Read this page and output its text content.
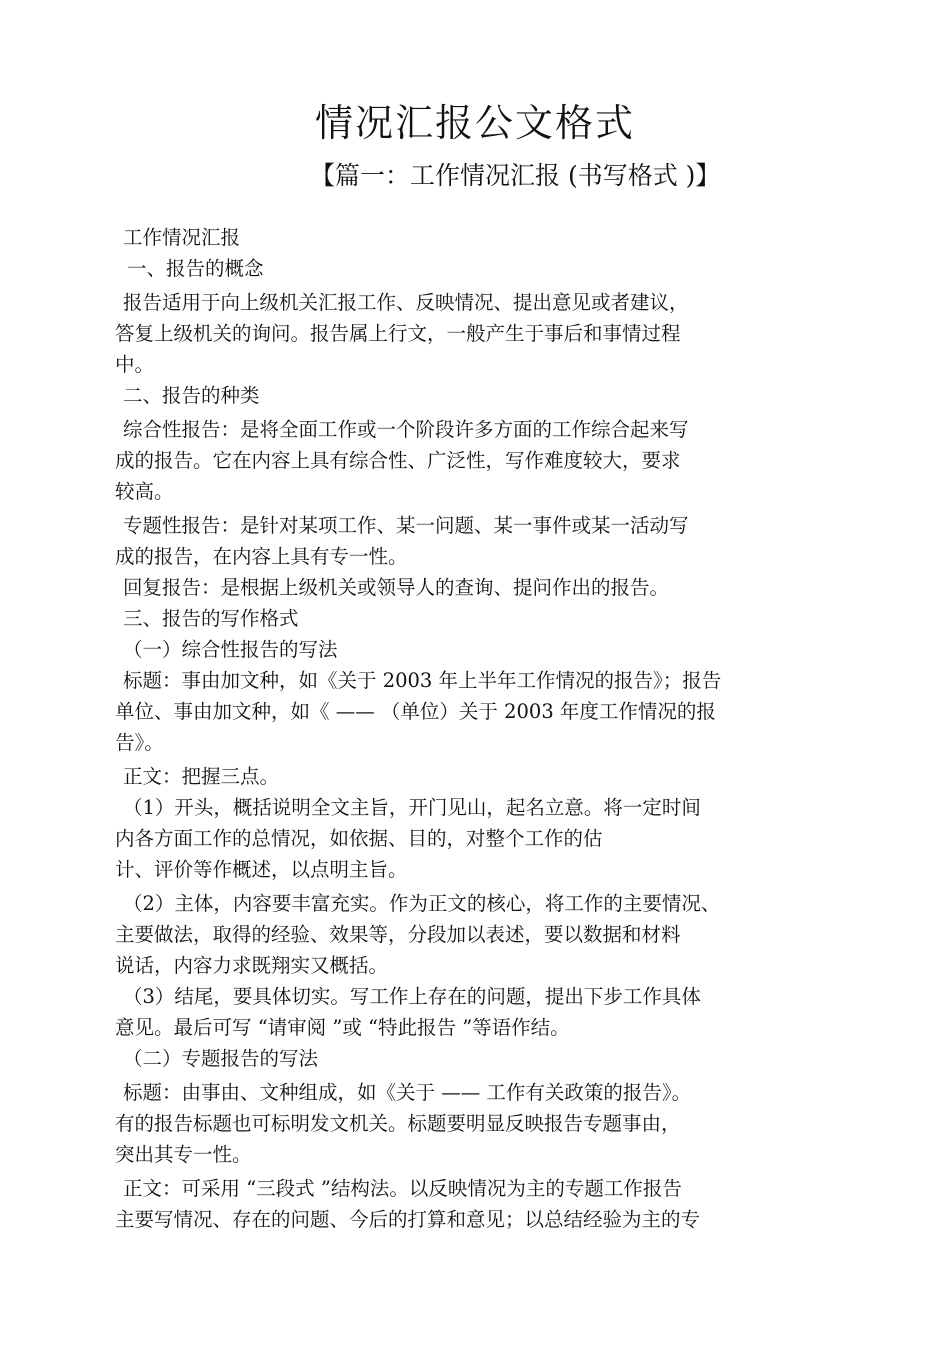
情况汇报公文格式
【篇一：工作情况汇报 (书写格式 )】
工作情况汇报
一、报告的概念
报告适用于向上级机关汇报工作、反映情况、提出意见或者建议，
答复上级机关的询问。报告属上行文，一般产生于事后和事情过程
中。
二、报告的种类
综合性报告：是将全面工作或一个阶段许多方面的工作综合起来写
成的报告。它在内容上具有综合性、广泛性，写作难度较大，要求
较高。
专题性报告：是针对某项工作、某一问题、某一事件或某一活动写
成的报告，在内容上具有专一性。
回复报告：是根据上级机关或领导人的查询、提问作出的报告。
三、报告的写作格式
（一）综合性报告的写法
标题：事由加文种，如《关于 2003 年上半年工作情况的报告》；报告
单位、事由加文种，如《 —— （单位）关于 2003 年度工作情况的报
告》。
正文：把握三点。
（1）开头，概括说明全文主旨，开门见山，起名立意。将一定时间
内各方面工作的总情况，如依据、目的，对整个工作的估
计、评价等作概述，以点明主旨。
（2）主体，内容要丰富充实。作为正文的核心，将工作的主要情况、
主要做法，取得的经验、效果等，分段加以表述，要以数据和材料
说话，内容力求既翔实又概括。
（3）结尾，要具体切实。写工作上存在的问题，提出下步工作具体
意见。最后可写 “请审阅 ”或 “特此报告 ”等语作结。
（二）专题报告的写法
标题：由事由、文种组成，如《关于 —— 工作有关政策的报告》。
有的报告标题也可标明发文机关。标题要明显反映报告专题事由，
突出其专一性。
正文：可采用 “三段式 ”结构法。以反映情况为主的专题工作报告
主要写情况、存在的问题、今后的打算和意见；以总结经验为主的专
